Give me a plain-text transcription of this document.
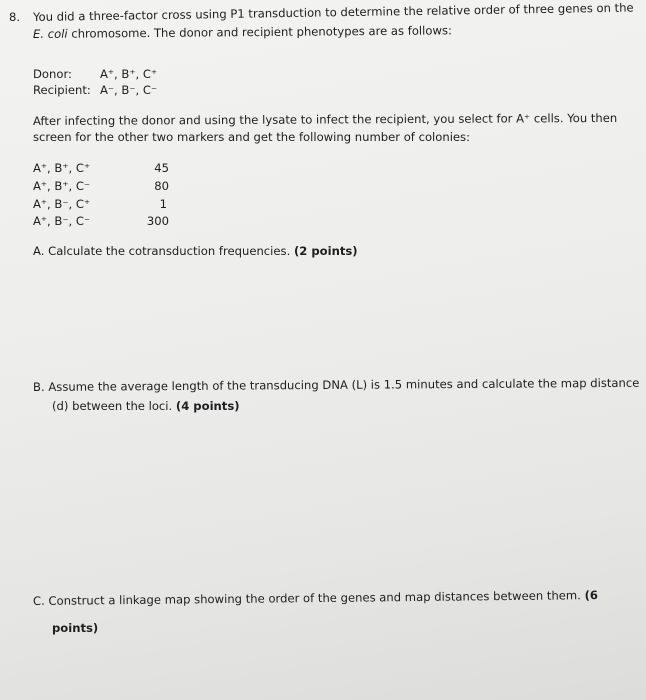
8. You did a three-factor cross using P1 transduction to determine the relative order of three genes on the
E. coli chromosome. The donor and recipient phenotypes are as follows:
Donor: A⁺, B⁺, C⁺
Recipient: A⁻, B⁻, C⁻
After infecting the donor and using the lysate to infect the recipient, you select for A⁺ cells. You then
screen for the other two markers and get the following number of colonies:
A⁺, B⁺, C⁺	45
A⁺, B⁺, C⁻	80
A⁺, B⁻, C⁺	1
A⁺, B⁻, C⁻	300
A. Calculate the cotransduction frequencies. (2 points)
B. Assume the average length of the transducing DNA (L) is 1.5 minutes and calculate the map distance
(d) between the loci. (4 points)
C. Construct a linkage map showing the order of the genes and map distances between them. (6
points)
